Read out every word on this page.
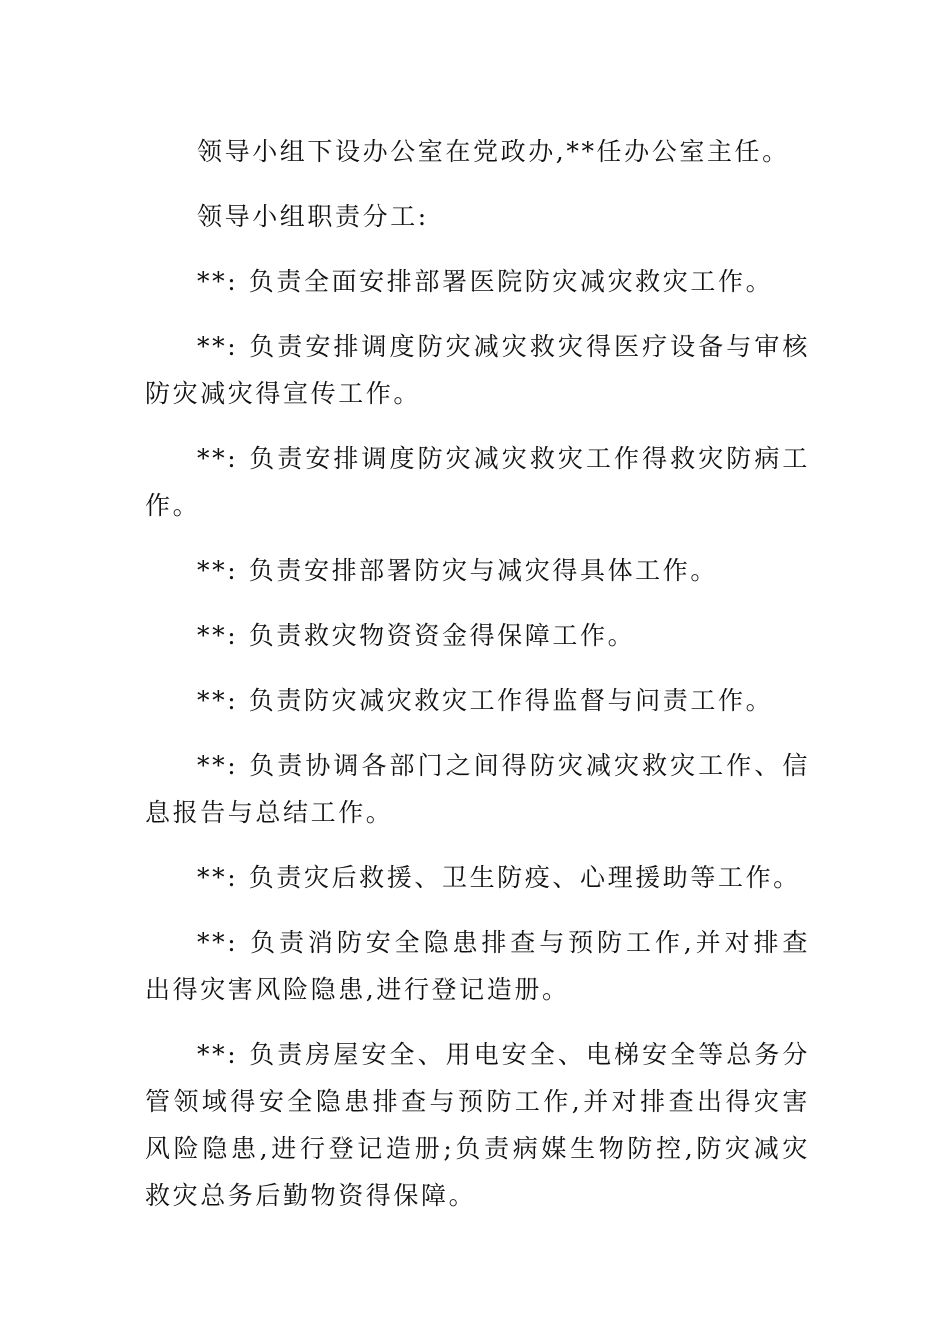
领导小组下设办公室在党政办,**任办公室主任。

领导小组职责分工:

**: 负责全面安排部署医院防灾减灾救灾工作。

**: 负责安排调度防灾减灾救灾得医疗设备与审核防灾减灾得宣传工作。

**: 负责安排调度防灾减灾救灾工作得救灾防病工作。

**: 负责安排部署防灾与减灾得具体工作。

**: 负责救灾物资资金得保障工作。

**: 负责防灾减灾救灾工作得监督与问责工作。

**: 负责协调各部门之间得防灾减灾救灾工作、信息报告与总结工作。

**: 负责灾后救援、卫生防疫、心理援助等工作。

**: 负责消防安全隐患排查与预防工作,并对排查出得灾害风险隐患,进行登记造册。

**: 负责房屋安全、用电安全、电梯安全等总务分管领域得安全隐患排查与预防工作,并对排查出得灾害风险隐患,进行登记造册;负责病媒生物防控,防灾减灾救灾总务后勤物资得保障。
